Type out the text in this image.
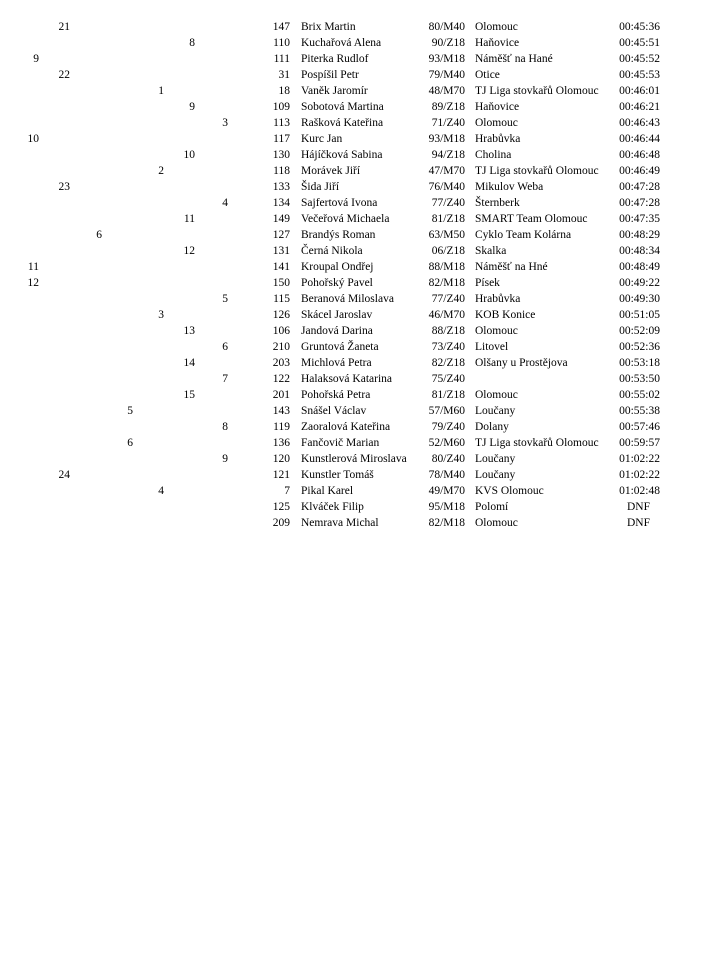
21	147 Brix Martin	80/M40 Olomouc	00:45:36
8	110 Kuchařová Alena	90/Z18 Haňovice	00:45:51
9	111 Piterka Rudlof	93/M18 Náměšť na Hané	00:45:52
22	31 Pospíšil Petr	79/M40 Otice	00:45:53
1	18 Vaněk Jaromír	48/M70 TJ Liga stovkařů Olomouc 00:46:01
9	109 Sobotová Martina	89/Z18 Haňovice	00:46:21
3	113 Rašková Kateřina	71/Z40 Olomouc	00:46:43
10	117 Kurc Jan	93/M18 Hrabůvka	00:46:44
10	130 Hájíčková Sabina	94/Z18 Cholina	00:46:48
2	118 Morávek Jiří	47/M70 TJ Liga stovkařů Olomouc 00:46:49
23	133 Šida Jiří	76/M40 Mikulov Weba	00:47:28
4	134 Sajfertová Ivona	77/Z40 Šternberk	00:47:28
11	149 Večeřová Michaela	81/Z18 SMART Team Olomouc	00:47:35
6	127 Brandýs Roman	63/M50 Cyklo Team Kolárna	00:48:29
12	131 Černá Nikola	06/Z18 Skalka	00:48:34
11	141 Kroupal Ondřej	88/M18 Náměšť na Hné	00:48:49
12	150 Pohořský Pavel	82/M18 Písek	00:49:22
5	115 Beranová Miloslava	77/Z40 Hrabůvka	00:49:30
3	126 Skácel Jaroslav	46/M70 KOB Konice	00:51:05
13	106 Jandová Darina	88/Z18 Olomouc	00:52:09
6	210 Gruntová Žaneta	73/Z40 Litovel	00:52:36
14	203 Michlová Petra	82/Z18 Olšany u Prostějova	00:53:18
7	122 Halaksová Katarina	75/Z40	00:53:50
15	201 Pohořská Petra	81/Z18 Olomouc	00:55:02
5	143 Snášel Václav	57/M60 Loučany	00:55:38
8	119 Zaoralová Kateřina	79/Z40 Dolany	00:57:46
6	136 Fančovič Marian	52/M60 TJ Liga stovkařů Olomouc 00:59:57
9	120 Kunstlerová Miroslava 80/Z40 Loučany	01:02:22
24	121 Kunstler Tomáš	78/M40 Loučany	01:02:22
4	7 Pikal Karel	49/M70 KVS Olomouc	01:02:48
125 Klváček Filip	95/M18 Polomí	DNF
209 Nemrava Michal	82/M18 Olomouc	DNF
